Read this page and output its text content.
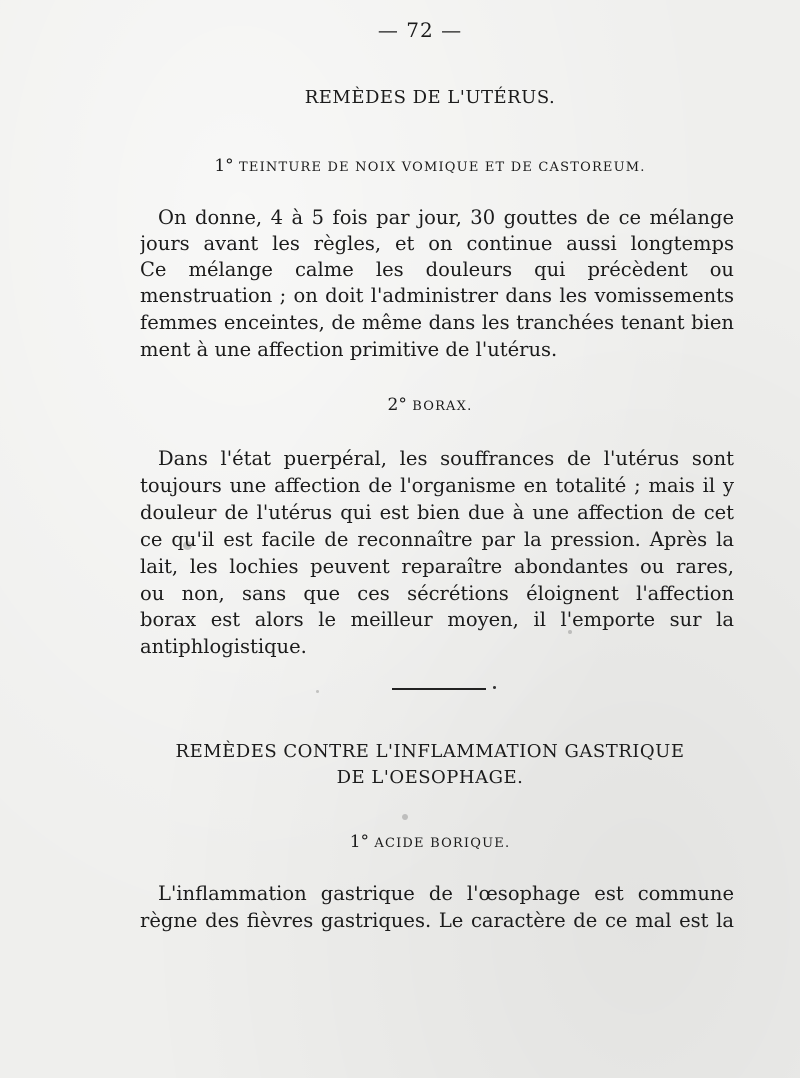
— 72 —
REMÈDES DE L'UTÉRUS.
1° TEINTURE DE NOIX VOMIQUE ET DE CASTOREUM.
On donne, 4 à 5 fois par jour, 30 gouttes de ce mélange
jours avant les règles, et on continue aussi longtemps
Ce mélange calme les douleurs qui précèdent ou
menstruation ; on doit l'administrer dans les vomissements
femmes enceintes, de même dans les tranchées tenant bien
ment à une affection primitive de l'utérus.
2° BORAX.
Dans l'état puerpéral, les souffrances de l'utérus sont
toujours une affection de l'organisme en totalité ; mais il y
douleur de l'utérus qui est bien due à une affection de cet
ce qu'il est facile de reconnaître par la pression. Après la
lait, les lochies peuvent reparaître abondantes ou rares,
ou non, sans que ces sécrétions éloignent l'affection
borax est alors le meilleur moyen, il l'emporte sur la
antiphlogistique.
REMÈDES CONTRE L'INFLAMMATION GASTRIQUE
DE L'OESOPHAGE.
1° ACIDE BORIQUE.
L'inflammation gastrique de l'œsophage est commune
règne des fièvres gastriques. Le caractère de ce mal est la
